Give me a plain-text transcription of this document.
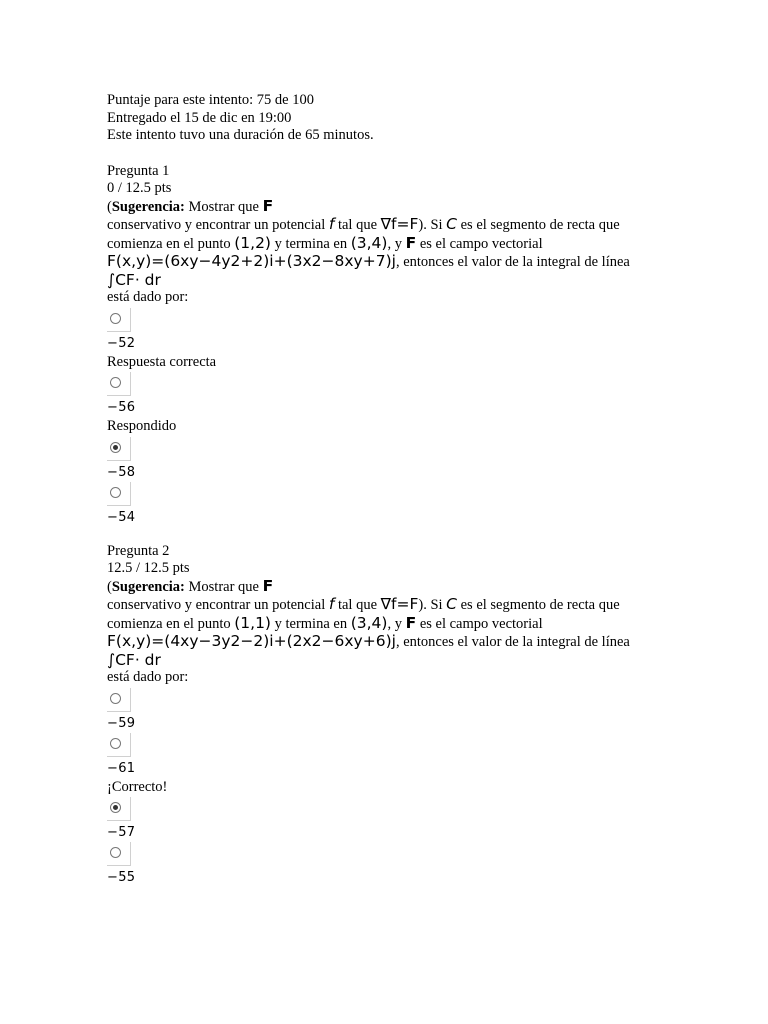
Puntaje para este intento: 75 de 100
Entregado el 15 de dic en 19:00
Este intento tuvo una duración de 65 minutos.
Pregunta 1
0 / 12.5 pts
(Sugerencia: Mostrar que F
conservativo y encontrar un potencial f tal que ∇f=F). Si C es el segmento de recta que
comienza en el punto (1,2) y termina en (3,4), y F es el campo vectorial
F(x,y)=(6xy−4y2+2)i+(3x2−8xy+7)j, entonces el valor de la integral de línea
∫CF· dr
está dado por:
−52
Respuesta correcta
−56
Respondido
−58
−54
Pregunta 2
12.5 / 12.5 pts
(Sugerencia: Mostrar que F
conservativo y encontrar un potencial f tal que ∇f=F). Si C es el segmento de recta que
comienza en el punto (1,1) y termina en (3,4), y F es el campo vectorial
F(x,y)=(4xy−3y2−2)i+(2x2−6xy+6)j, entonces el valor de la integral de línea
∫CF· dr
está dado por:
−59
−61
¡Correcto!
−57
−55
